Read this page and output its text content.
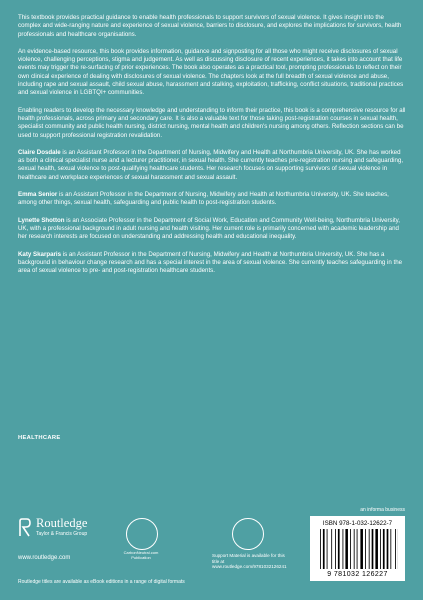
This textbook provides practical guidance to enable health professionals to support survivors of sexual violence. It gives insight into the complex and wide-ranging nature and experience of sexual violence, barriers to disclosure, and explores the implications for survivors, health professionals and healthcare organisations.

An evidence-based resource, this book provides information, guidance and signposting for all those who might receive disclosures of sexual violence, challenging perceptions, stigma and judgement. As well as discussing disclosure of recent experiences, it takes into account that life events may trigger the re-surfacing of prior experiences. The book also operates as a practical tool, prompting professionals to reflect on their own clinical experience of dealing with disclosures of sexual violence. The chapters look at the full breadth of sexual violence and abuse, including rape and sexual assault, child sexual abuse, harassment and stalking, exploitation, trafficking, conflict situations, traditional practices and sexual violence in LGBTQI+ communities.

Enabling readers to develop the necessary knowledge and understanding to inform their practice, this book is a comprehensive resource for all health professionals, across primary and secondary care. It is also a valuable text for those taking post-registration courses in sexual health, specialist community and public health nursing, district nursing, mental health and children's nursing among others. Reflection sections can be used to support professional registration revalidation.

Claire Dosdale is an Assistant Professor in the Department of Nursing, Midwifery and Health at Northumbria University, UK. She has worked as both a clinical specialist nurse and a lecturer practitioner, in sexual health. She currently teaches pre-registration nursing and safeguarding, sexual health, sexual violence to post-qualifying healthcare students. Her research focuses on supporting survivors of sexual violence in healthcare and workplace experiences of sexual harassment and sexual assault.

Emma Senior is an Assistant Professor in the Department of Nursing, Midwifery and Health at Northumbria University, UK. She teaches, among other things, sexual health, safeguarding and public health to post-registration students.

Lynette Shotton is an Associate Professor in the Department of Social Work, Education and Community Well-being, Northumbria University, UK, with a professional background in adult nursing and health visiting. Her current role is primarily concerned with academic leadership and her research interests are focused on understanding and addressing health and educational inequality.

Katy Skarparis is an Assistant Professor in the Department of Nursing, Midwifery and Health at Northumbria University, UK. She has a background in behaviour change research and has a special interest in the area of sexual violence. She currently teaches safeguarding in the area of sexual violence to pre- and post-registration healthcare students.

HEALTHCARE
Routledge
Taylor & Francis Group
www.routledge.com
Routledge titles are available as eBook editions in a range of digital formats
CarbonNeutral.com
Publication	Support Material is available for this title at www.routledge.com/9781032126241
an informa business
ISBN 978-1-032-12622-7
9 781032 126227
